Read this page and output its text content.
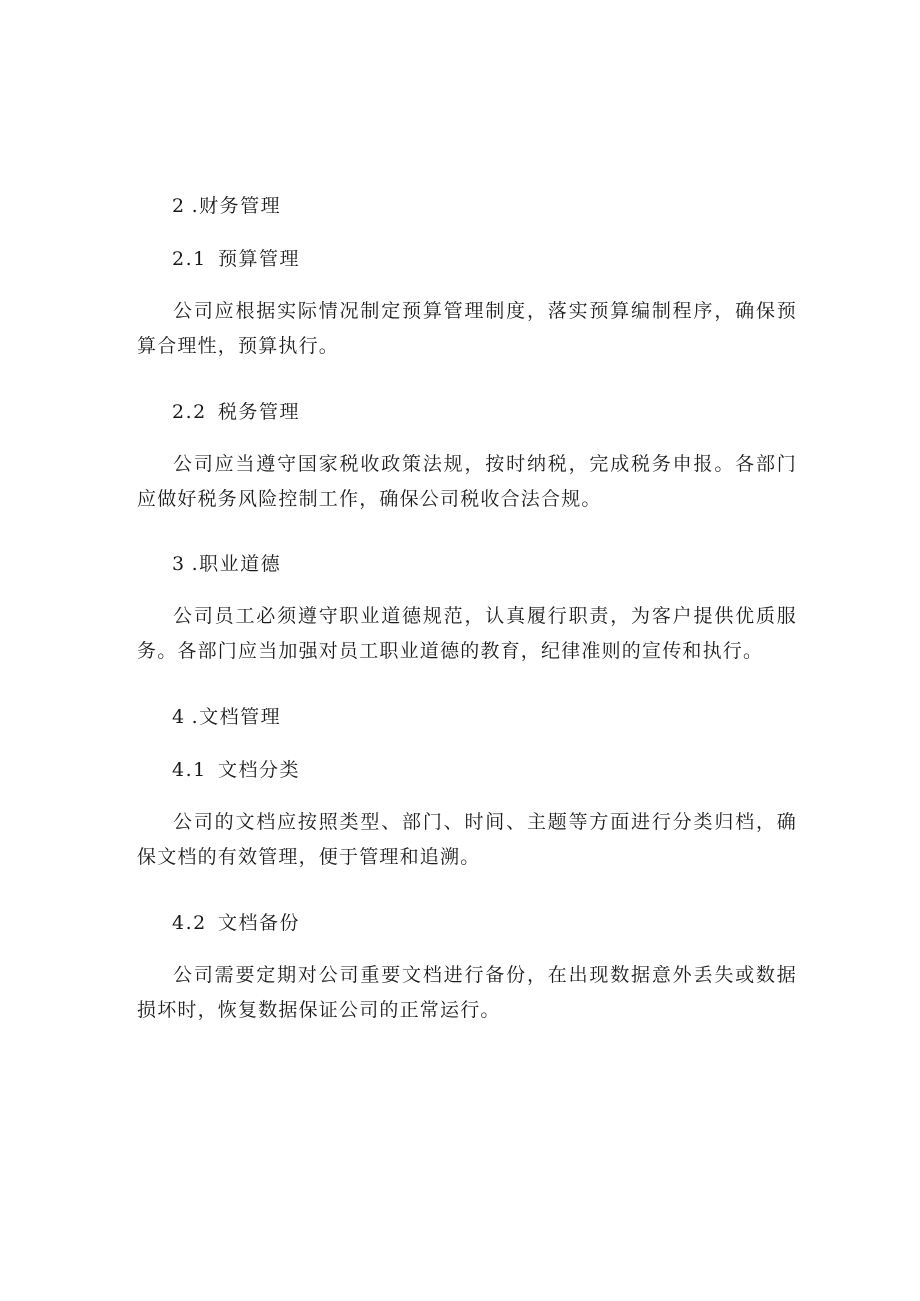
2 .财务管理
2.1 预算管理
公司应根据实际情况制定预算管理制度，落实预算编制程序，确保预算合理性，预算执行。
2.2 税务管理
公司应当遵守国家税收政策法规，按时纳税，完成税务申报。各部门应做好税务风险控制工作，确保公司税收合法合规。
3 .职业道德
公司员工必须遵守职业道德规范，认真履行职责，为客户提供优质服务。各部门应当加强对员工职业道德的教育，纪律准则的宣传和执行。
4 .文档管理
4.1 文档分类
公司的文档应按照类型、部门、时间、主题等方面进行分类归档，确保文档的有效管理，便于管理和追溯。
4.2 文档备份
公司需要定期对公司重要文档进行备份，在出现数据意外丢失或数据损坏时，恢复数据保证公司的正常运行。
